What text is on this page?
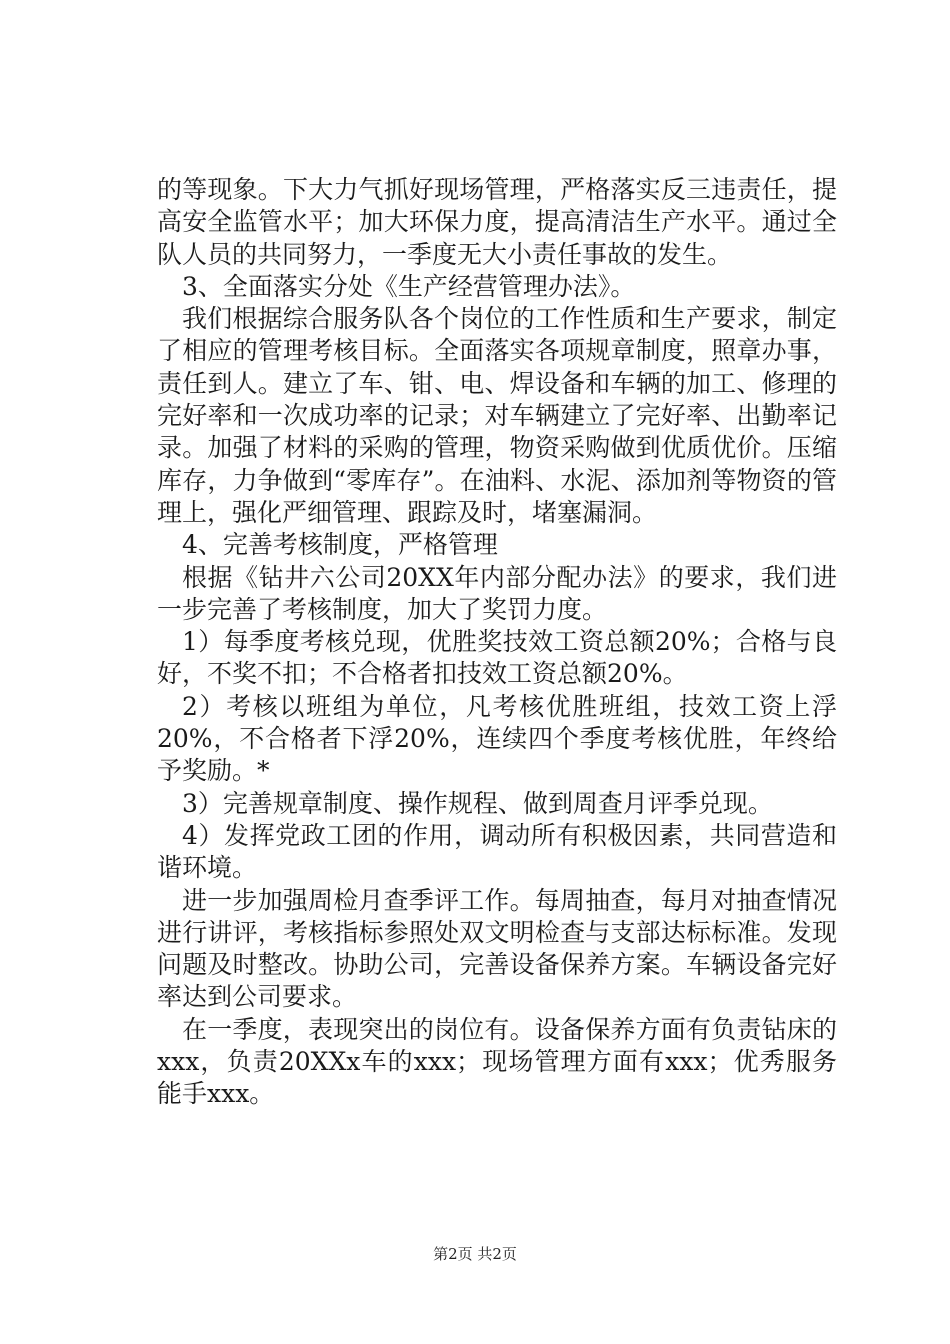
的等现象。下大力气抓好现场管理，严格落实反三违责任，提高安全监管水平；加大环保力度，提高清洁生产水平。通过全队人员的共同努力，一季度无大小责任事故的发生。

3、全面落实分处《生产经营管理办法》。

我们根据综合服务队各个岗位的工作性质和生产要求，制定了相应的管理考核目标。全面落实各项规章制度，照章办事，责任到人。建立了车、钳、电、焊设备和车辆的加工、修理的完好率和一次成功率的记录；对车辆建立了完好率、出勤率记录。加强了材料的采购的管理，物资采购做到优质优价。压缩库存，力争做到“零库存”。在油料、水泥、添加剂等物资的管理上，强化严细管理、跟踪及时，堵塞漏洞。

4、完善考核制度，严格管理

根据《钻井六公司20XX年内部分配办法》的要求，我们进一步完善了考核制度，加大了奖罚力度。

1）每季度考核兑现，优胜奖技效工资总额20%；合格与良好，不奖不扣；不合格者扣技效工资总额20%。

2）考核以班组为单位，凡考核优胜班组，技效工资上浮20%，不合格者下浮20%，连续四个季度考核优胜，年终给予奖励。*

3）完善规章制度、操作规程、做到周查月评季兑现。

4）发挥党政工团的作用，调动所有积极因素，共同营造和谐环境。

进一步加强周检月查季评工作。每周抽查，每月对抽查情况进行讲评，考核指标参照处双文明检查与支部达标标准。发现问题及时整改。协助公司，完善设备保养方案。车辆设备完好率达到公司要求。

在一季度，表现突出的岗位有。设备保养方面有负责钻床的xxx，负责20XXx车的xxx；现场管理方面有xxx；优秀服务能手xxx。

第2页 共2页
